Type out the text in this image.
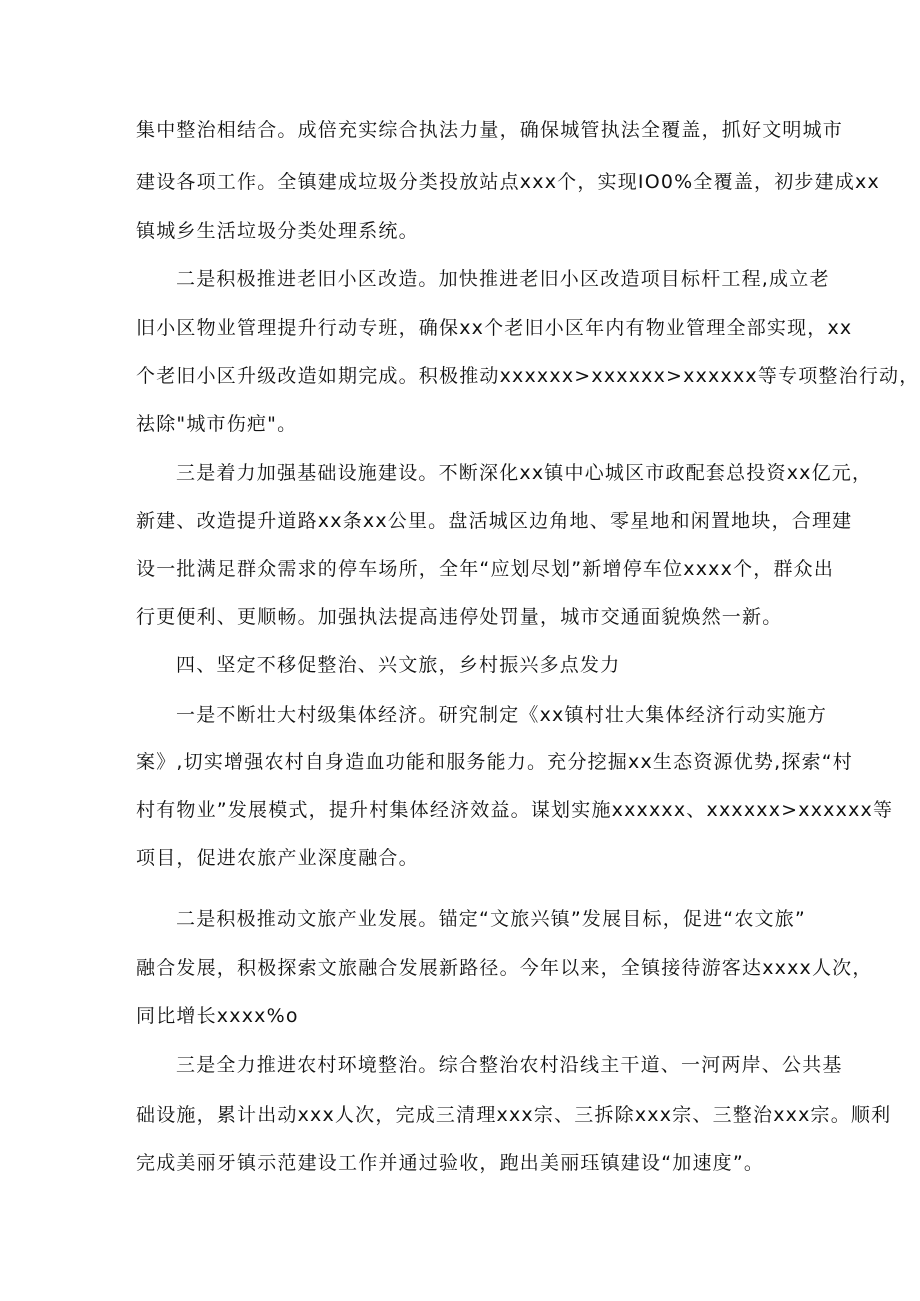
集中整治相结合。成倍充实综合执法力量，确保城管执法全覆盖，抓好文明城市
建设各项工作。全镇建成垃圾分类投放站点xxx个，实现IO0%全覆盖，初步建成xx
镇城乡生活垃圾分类处理系统。
二是积极推进老旧小区改造。加快推进老旧小区改造项目标杆工程,成立老
旧小区物业管理提升行动专班，确保xx个老旧小区年内有物业管理全部实现，xx
个老旧小区升级改造如期完成。积极推动xxxxxx>xxxxxx>xxxxxx等专项整治行动，
祛除"城市伤疤"。
三是着力加强基础设施建设。不断深化xx镇中心城区市政配套总投资xx亿元，
新建、改造提升道路xx条xx公里。盘活城区边角地、零星地和闲置地块，合理建
设一批满足群众需求的停车场所，全年“应划尽划”新增停车位xxxx个，群众出
行更便利、更顺畅。加强执法提高违停处罚量，城市交通面貌焕然一新。
四、坚定不移促整治、兴文旅，乡村振兴多点发力
一是不断壮大村级集体经济。研究制定《xx镇村壮大集体经济行动实施方
案》,切实增强农村自身造血功能和服务能力。充分挖掘xx生态资源优势,探索“村
村有物业”发展模式，提升村集体经济效益。谋划实施xxxxxx、xxxxxx>xxxxxx等
项目，促进农旅产业深度融合。
二是积极推动文旅产业发展。锚定“文旅兴镇”发展目标，促进“农文旅”
融合发展，积极探索文旅融合发展新路径。今年以来，全镇接待游客达xxxx人次，
同比增长xxxx%o
三是全力推进农村环境整治。综合整治农村沿线主干道、一河两岸、公共基
础设施，累计出动xxx人次，完成三清理xxx宗、三拆除xxx宗、三整治xxx宗。顺利
完成美丽牙镇示范建设工作并通过验收，跑出美丽珏镇建设“加速度”。
